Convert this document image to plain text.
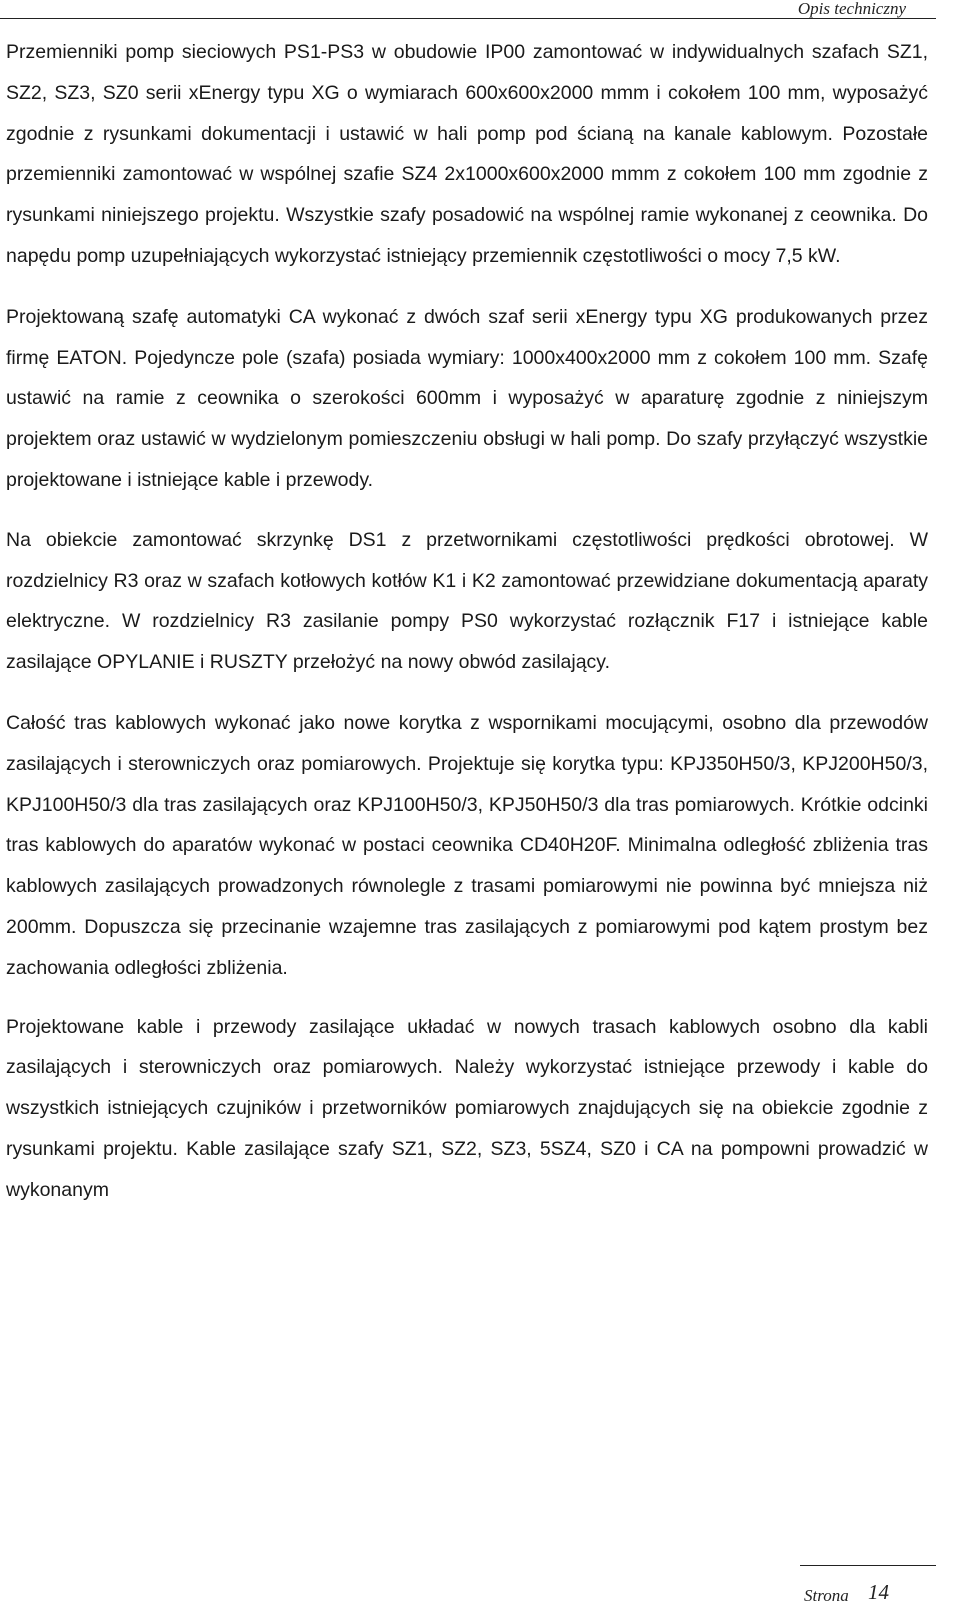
Opis techniczny

Przemienniki pomp sieciowych PS1-PS3 w obudowie IP00 zamontować w indywidualnych szafach SZ1, SZ2, SZ3, SZ0 serii xEnergy typu XG o wymiarach 600x600x2000 mmm i cokołem 100 mm, wyposażyć zgodnie z rysunkami dokumentacji i ustawić w hali pomp pod ścianą na kanale kablowym. Pozostałe przemienniki zamontować w wspólnej szafie SZ4 2x1000x600x2000 mmm z cokołem 100 mm zgodnie z rysunkami niniejszego projektu. Wszystkie szafy posadowić na wspólnej ramie wykonanej z ceownika. Do napędu pomp uzupełniających wykorzystać istniejący przemiennik częstotliwości o mocy 7,5 kW.

Projektowaną szafę automatyki CA wykonać z dwóch szaf serii xEnergy typu XG produkowanych przez firmę EATON. Pojedyncze pole (szafa) posiada wymiary: 1000x400x2000 mm z cokołem 100 mm. Szafę ustawić na ramie z ceownika o szerokości 600mm i wyposażyć w aparaturę zgodnie z niniejszym projektem oraz ustawić w wydzielonym pomieszczeniu obsługi w hali pomp. Do szafy przyłączyć wszystkie projektowane i istniejące kable i przewody.

Na obiekcie zamontować skrzynkę DS1 z przetwornikami częstotliwości prędkości obrotowej. W rozdzielnicy R3 oraz w szafach kotłowych kotłów K1 i K2 zamontować przewidziane dokumentacją aparaty elektryczne. W rozdzielnicy R3 zasilanie pompy PS0 wykorzystać rozłącznik F17 i istniejące kable zasilające OPYLANIE i RUSZTY przełożyć na nowy obwód zasilający.

Całość tras kablowych wykonać jako nowe korytka z wspornikami mocującymi, osobno dla przewodów zasilających i sterowniczych oraz pomiarowych. Projektuje się korytka typu: KPJ350H50/3, KPJ200H50/3, KPJ100H50/3 dla tras zasilających oraz KPJ100H50/3, KPJ50H50/3 dla tras pomiarowych. Krótkie odcinki tras kablowych do aparatów wykonać w postaci ceownika CD40H20F. Minimalna odległość zbliżenia tras kablowych zasilających prowadzonych równolegle z trasami pomiarowymi nie powinna być mniejsza niż 200mm. Dopuszcza się przecinanie wzajemne tras zasilających z pomiarowymi pod kątem prostym bez zachowania odległości zbliżenia.

Projektowane kable i przewody zasilające układać w nowych trasach kablowych osobno dla kabli zasilających i sterowniczych oraz pomiarowych. Należy wykorzystać istniejące przewody i kable do wszystkich istniejących czujników i przetworników pomiarowych znajdujących się na obiekcie zgodnie z rysunkami projektu. Kable zasilające szafy SZ1, SZ2, SZ3, 5SZ4, SZ0 i CA na pompowni prowadzić w wykonanym

Strona 14
